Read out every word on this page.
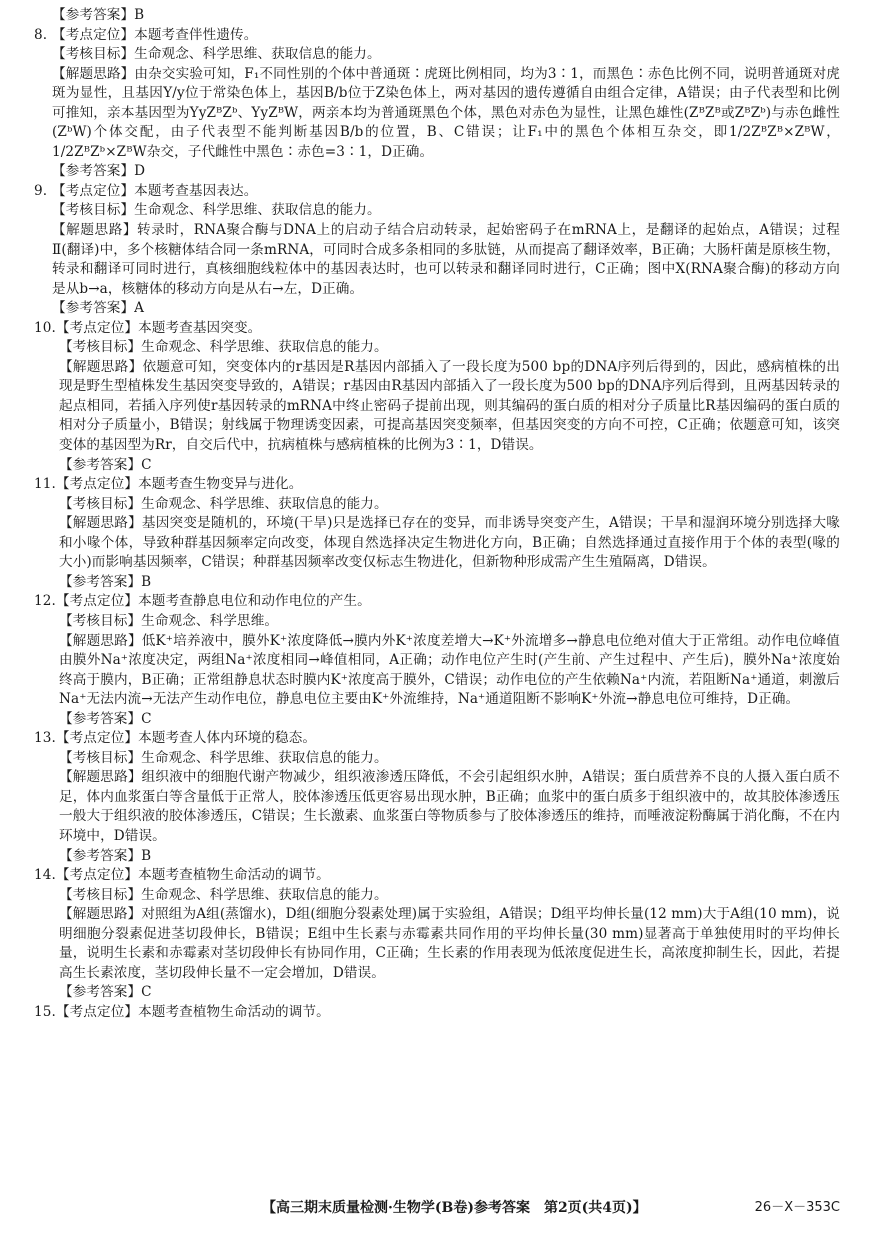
【参考答案】B
8. 【考点定位】本题考查伴性遗传。

【考核目标】生命观念、科学思维、获取信息的能力。

【解题思路】由杂交实验可知，F₁不同性别的个体中普通斑∶虎斑比例相同，均为3∶1，而黑色∶赤色比例不同，说明普通斑对虎斑为显性，且基因Y/y位于常染色体上，基因B/b位于Z染色体上，两对基因的遗传遵循自由组合定律，A错误；由子代表型和比例可推知，亲本基因型为YyZᴮZᵇ、YyZᴮW，两亲本均为普通斑黑色个体，黑色对赤色为显性，让黑色雄性(ZᴮZᴮ或ZᴮZᵇ)与赤色雌性(ZᵇW)个体交配，由子代表型不能判断基因B/b的位置，B、C错误；让F₁中的黑色个体相互杂交，即1/2ZᴮZᴮ×ZᴮW，1/2ZᴮZᵇ×ZᴮW杂交，子代雌性中黑色∶赤色=3∶1，D正确。

【参考答案】D

9. 【考点定位】本题考查基因表达。

【考核目标】生命观念、科学思维、获取信息的能力。

【解题思路】转录时，RNA聚合酶与DNA上的启动子结合启动转录，起始密码子在mRNA上，是翻译的起始点，A错误；过程Ⅱ(翻译)中，多个核糖体结合同一条mRNA，可同时合成多条相同的多肽链，从而提高了翻译效率，B正确；大肠杆菌是原核生物，转录和翻译可同时进行，真核细胞线粒体中的基因表达时，也可以转录和翻译同时进行，C正确；图中X(RNA聚合酶)的移动方向是从b→a，核糖体的移动方向是从右→左，D正确。

【参考答案】A

10.【考点定位】本题考查基因突变。

【考核目标】生命观念、科学思维、获取信息的能力。

【解题思路】依题意可知，突变体内的r基因是R基因内部插入了一段长度为500 bp的DNA序列后得到的，因此，感病植株的出现是野生型植株发生基因突变导致的，A错误；r基因由R基因内部插入了一段长度为500 bp的DNA序列后得到，且两基因转录的起点相同，若插入序列使r基因转录的mRNA中终止密码子提前出现，则其编码的蛋白质的相对分子质量比R基因编码的蛋白质的相对分子质量小，B错误；射线属于物理诱变因素，可提高基因突变频率，但基因突变的方向不可控，C正确；依题意可知，该突变体的基因型为Rr，自交后代中，抗病植株与感病植株的比例为3∶1，D错误。

【参考答案】C

11.【考点定位】本题考查生物变异与进化。

【考核目标】生命观念、科学思维、获取信息的能力。

【解题思路】基因突变是随机的，环境(干旱)只是选择已存在的变异，而非诱导突变产生，A错误；干旱和湿润环境分别选择大喙和小喙个体，导致种群基因频率定向改变，体现自然选择决定生物进化方向，B正确；自然选择通过直接作用于个体的表型(喙的大小)而影响基因频率，C错误；种群基因频率改变仅标志生物进化，但新物种形成需产生生殖隔离，D错误。

【参考答案】B

12.【考点定位】本题考查静息电位和动作电位的产生。

【考核目标】生命观念、科学思维。

【解题思路】低K⁺培养液中，膜外K⁺浓度降低→膜内外K⁺浓度差增大→K⁺外流增多→静息电位绝对值大于正常组。动作电位峰值由膜外Na⁺浓度决定，两组Na⁺浓度相同→峰值相同，A正确；动作电位产生时(产生前、产生过程中、产生后)，膜外Na⁺浓度始终高于膜内，B正确；正常组静息状态时膜内K⁺浓度高于膜外，C错误；动作电位的产生依赖Na⁺内流，若阻断Na⁺通道，刺激后Na⁺无法内流→无法产生动作电位，静息电位主要由K⁺外流维持，Na⁺通道阻断不影响K⁺外流→静息电位可维持，D正确。

【参考答案】C

13.【考点定位】本题考查人体内环境的稳态。

【考核目标】生命观念、科学思维、获取信息的能力。

【解题思路】组织液中的细胞代谢产物减少，组织液渗透压降低，不会引起组织水肿，A错误；蛋白质营养不良的人摄入蛋白质不足，体内血浆蛋白等含量低于正常人，胶体渗透压低更容易出现水肿，B正确；血浆中的蛋白质多于组织液中的，故其胶体渗透压一般大于组织液的胶体渗透压，C错误；生长激素、血浆蛋白等物质参与了胶体渗透压的维持，而唾液淀粉酶属于消化酶，不在内环境中，D错误。

【参考答案】B

14.【考点定位】本题考查植物生命活动的调节。

【考核目标】生命观念、科学思维、获取信息的能力。

【解题思路】对照组为A组(蒸馏水)，D组(细胞分裂素处理)属于实验组，A错误；D组平均伸长量(12 mm)大于A组(10 mm)，说明细胞分裂素促进茎切段伸长，B错误；E组中生长素与赤霉素共同作用的平均伸长量(30 mm)显著高于单独使用时的平均伸长量，说明生长素和赤霉素对茎切段伸长有协同作用，C正确；生长素的作用表现为低浓度促进生长，高浓度抑制生长，因此，若提高生长素浓度，茎切段伸长量不一定会增加，D错误。

【参考答案】C

15.【考点定位】本题考查植物生命活动的调节。
【高三期末质量检测·生物学(B卷)参考答案　第2页(共4页)】	26－X－353C
